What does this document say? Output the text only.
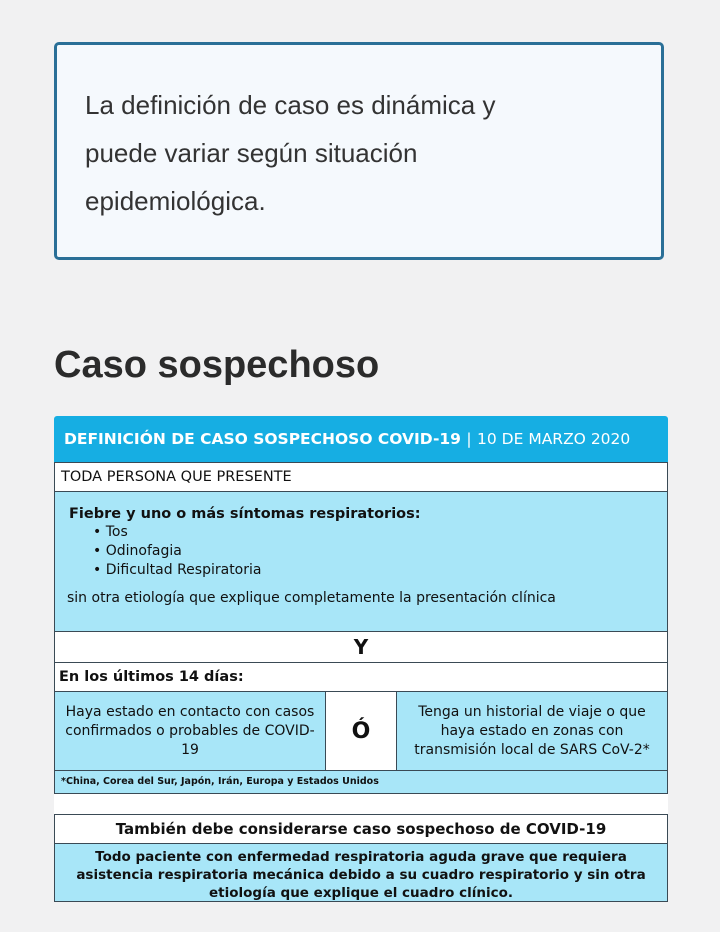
La definición de caso es dinámica y
puede variar según situación
epidemiológica.
Caso sospechoso
DEFINICIÓN DE CASO SOSPECHOSO COVID-19 | 10 DE MARZO 2020
TODA PERSONA QUE PRESENTE
Fiebre y uno o más síntomas respiratorios:
• Tos
• Odinofagia
• Dificultad Respiratoria
sin otra etiología que explique completamente la presentación clínica
Y
En los últimos 14 días:
Haya estado en contacto con casos confirmados o probables de COVID-19
Ó
Tenga un historial de viaje o que haya estado en zonas con transmisión local de SARS CoV-2*
*China, Corea del Sur, Japón, Irán, Europa y Estados Unidos
También debe considerarse caso sospechoso de COVID-19
Todo paciente con enfermedad respiratoria aguda grave que requiera asistencia respiratoria mecánica debido a su cuadro respiratorio y sin otra etiología que explique el cuadro clínico.
